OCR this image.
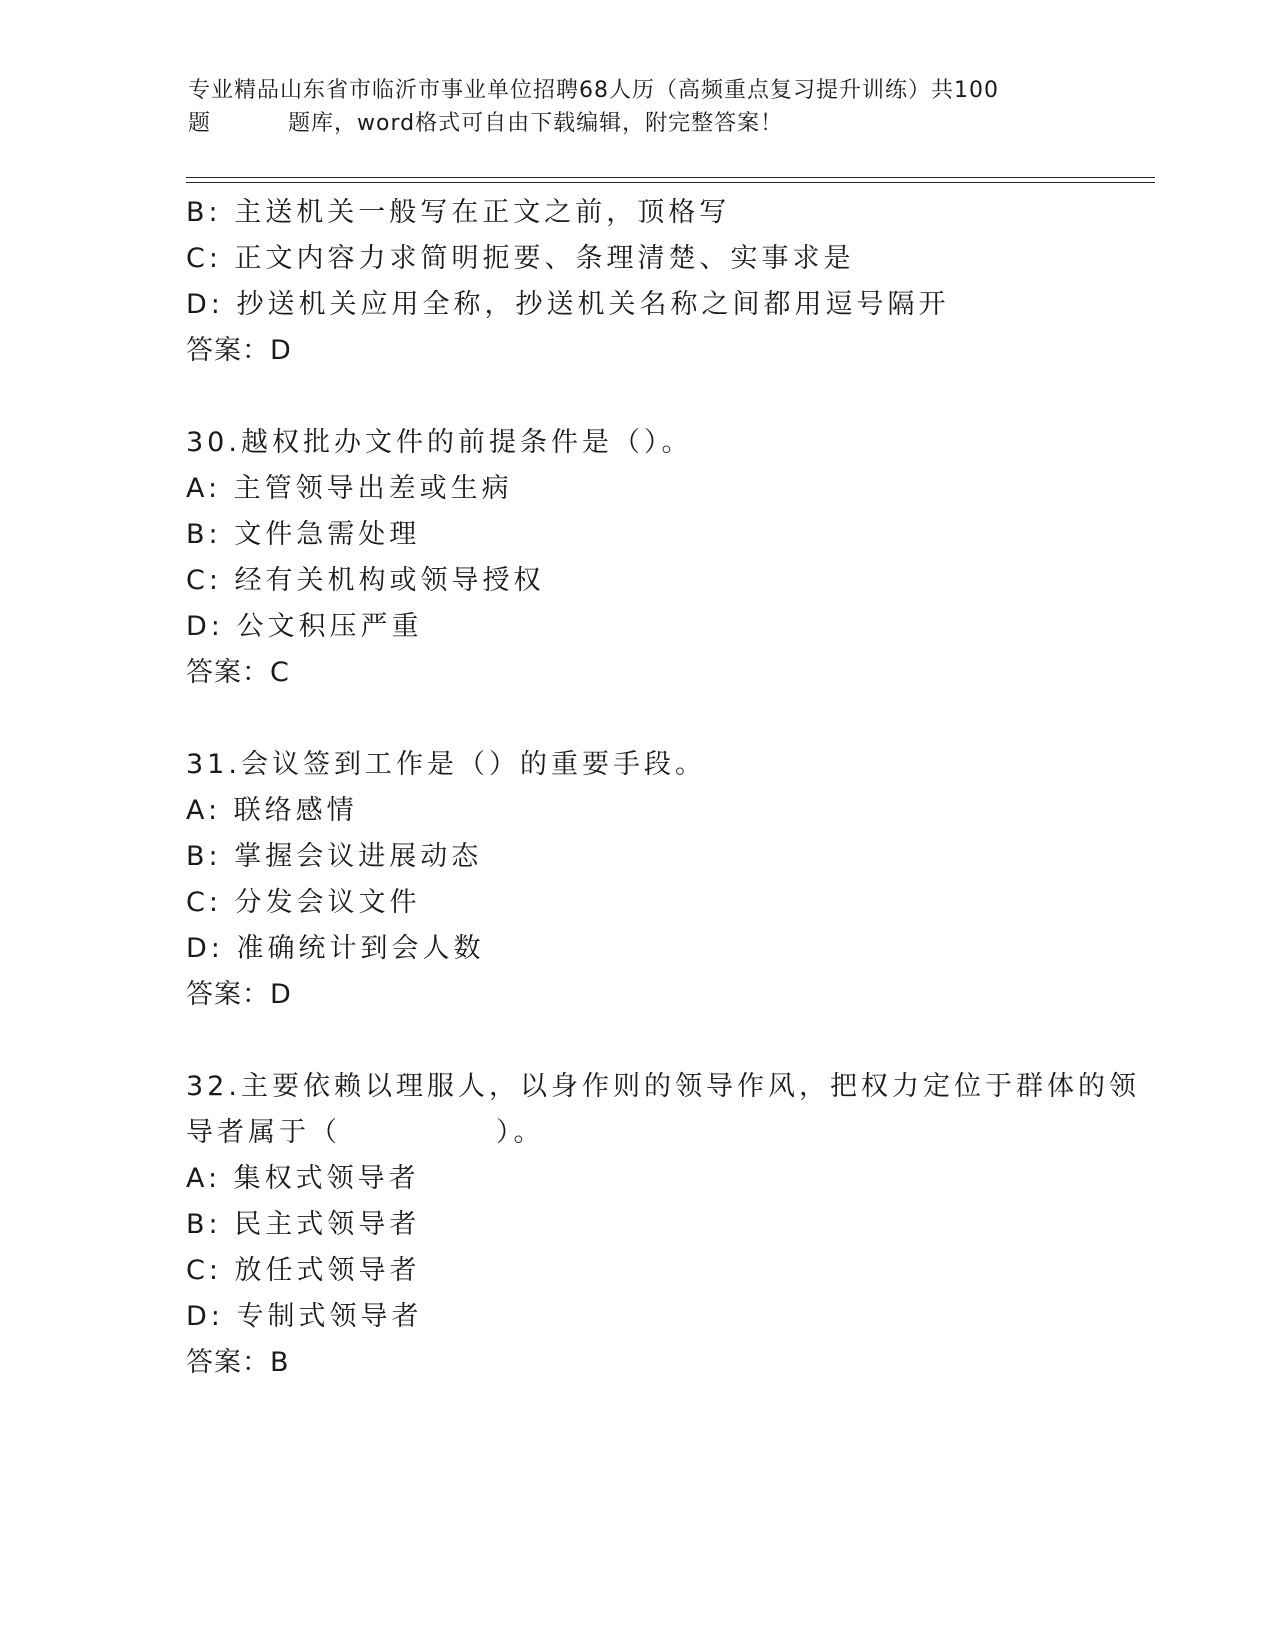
专业精品山东省市临沂市事业单位招聘68人历（高频重点复习提升训练）共100
题	题库，word格式可自由下载编辑，附完整答案！
B: 主送机关一般写在正文之前，顶格写
C: 正文内容力求简明扼要、条理清楚、实事求是
D: 抄送机关应用全称，抄送机关名称之间都用逗号隔开
答案：D
30.越权批办文件的前提条件是（）。
A: 主管领导出差或生病
B: 文件急需处理
C: 经有关机构或领导授权
D: 公文积压严重
答案：C
31.会议签到工作是（）的重要手段。
A: 联络感情
B: 掌握会议进展动态
C: 分发会议文件
D: 准确统计到会人数
答案：D
32.主要依赖以理服人，以身作则的领导作风，把权力定位于群体的领
导者属于（　　　　　）。
A: 集权式领导者
B: 民主式领导者
C: 放任式领导者
D: 专制式领导者
答案：B
